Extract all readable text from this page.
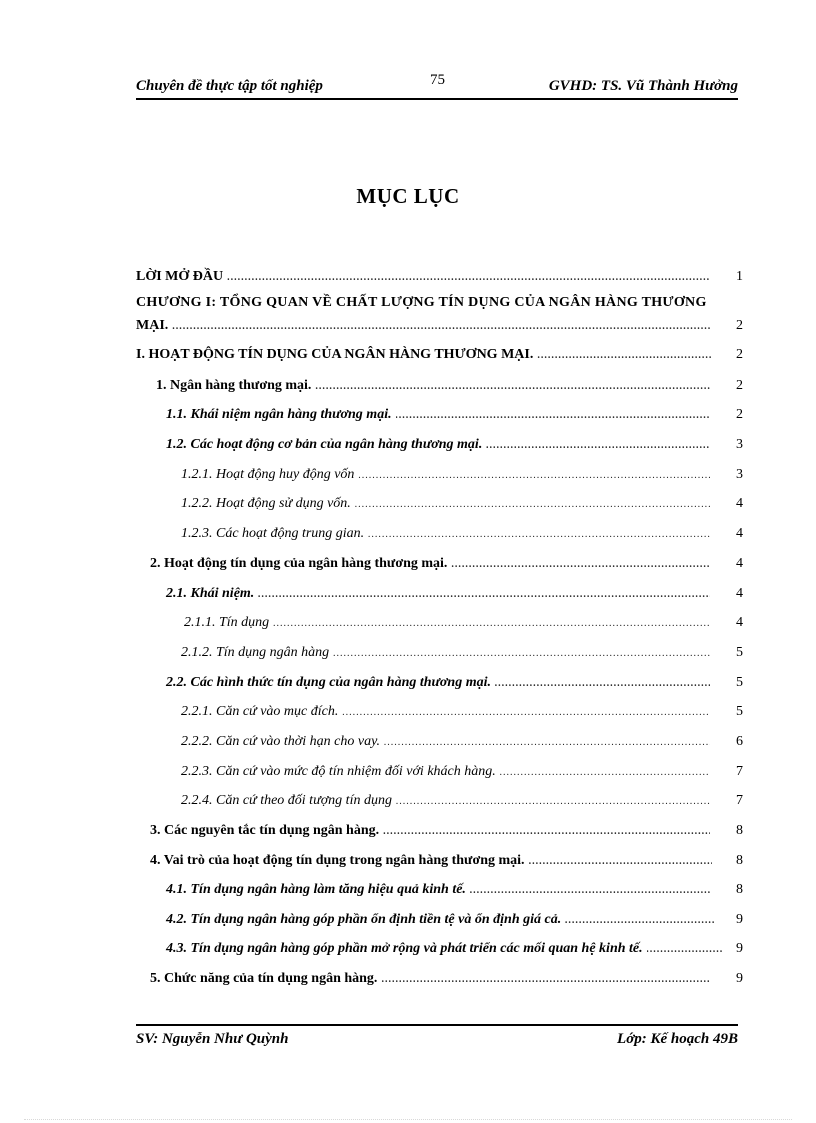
Chuyên đề thực tập tốt nghiệp	75	GVHD: TS. Vũ Thành Hưởng
MỤC LỤC
LỜI MỞ ĐẦU .....	1
CHƯƠNG I: TỔNG QUAN VỀ CHẤT LƯỢNG TÍN DỤNG CỦA NGÂN HÀNG THƯƠNG
MẠI. .....	2
I. HOẠT ĐỘNG TÍN DỤNG CỦA NGÂN HÀNG THƯƠNG MẠI. .....	2
1. Ngân hàng thương mại. .....	2
1.1. Khái niệm ngân hàng thương mại. .....	2
1.2. Các hoạt động cơ bản của ngân hàng thương mại. .....	3
1.2.1. Hoạt động huy động vốn .....	3
1.2.2. Hoạt động sử dụng vốn. .....	4
1.2.3. Các hoạt động trung gian. .....	4
2. Hoạt động tín dụng của ngân hàng thương mại. .....	4
2.1. Khái niệm. .....	4
2.1.1. Tín dụng .....	4
2.1.2. Tín dụng ngân hàng .....	5
2.2. Các hình thức tín dụng của ngân hàng thương mại. .....	5
2.2.1. Căn cứ vào mục đích. .....	5
2.2.2. Căn cứ vào thời hạn cho vay. .....	6
2.2.3. Căn cứ vào mức độ tín nhiệm đối với khách hàng. .....	7
2.2.4. Căn cứ theo đối tượng tín dụng .....	7
3. Các nguyên tắc tín dụng ngân hàng. .....	8
4. Vai trò của hoạt động tín dụng trong ngân hàng thương mại. .....	8
4.1. Tín dụng ngân hàng làm tăng hiệu quả kinh tế. .....	8
4.2. Tín dụng ngân hàng góp phần ổn định tiền tệ và ổn định giá cả. .....	9
4.3. Tín dụng ngân hàng góp phần mở rộng và phát triển các mối quan hệ kinh tế. .....	9
5. Chức năng của tín dụng ngân hàng. .....	9
SV: Nguyễn Như Quỳnh	Lớp: Kế hoạch 49B
